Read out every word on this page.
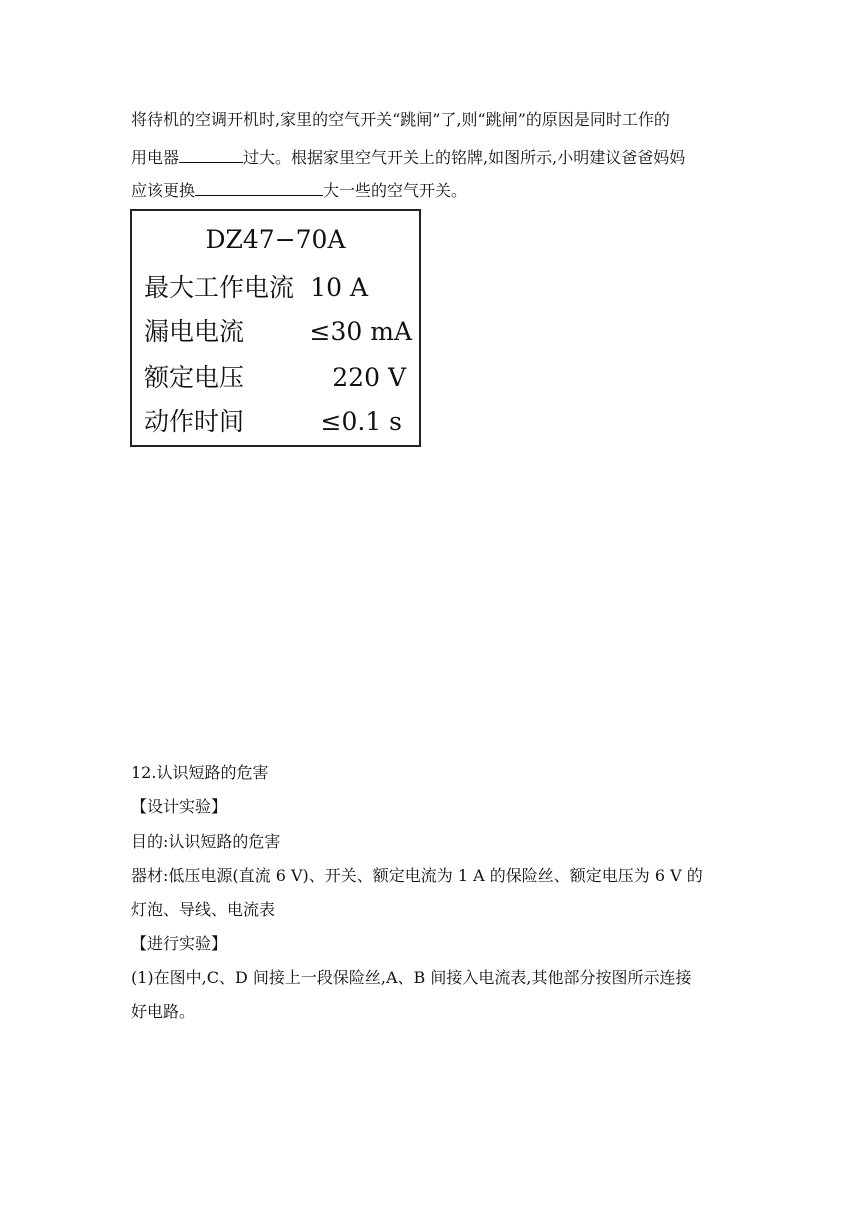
将待机的空调开机时,家里的空气开关“跳闸”了,则“跳闸”的原因是同时工作的
用电器	过大。根据家里空气开关上的铭牌,如图所示,小明建议爸爸妈妈
应该更换	大一些的空气开关。
DZ47−70A
最大工作电流 10 A
漏电电流	≤30 mA
额定电压	220 V
动作时间	≤0.1 s
12.认识短路的危害
【设计实验】
目的:认识短路的危害
器材:低压电源(直流 6 V)、开关、额定电流为 1 A 的保险丝、额定电压为 6 V 的
灯泡、导线、电流表
【进行实验】
(1)在图中,C、D 间接上一段保险丝,A、B 间接入电流表,其他部分按图所示连接
好电路。
